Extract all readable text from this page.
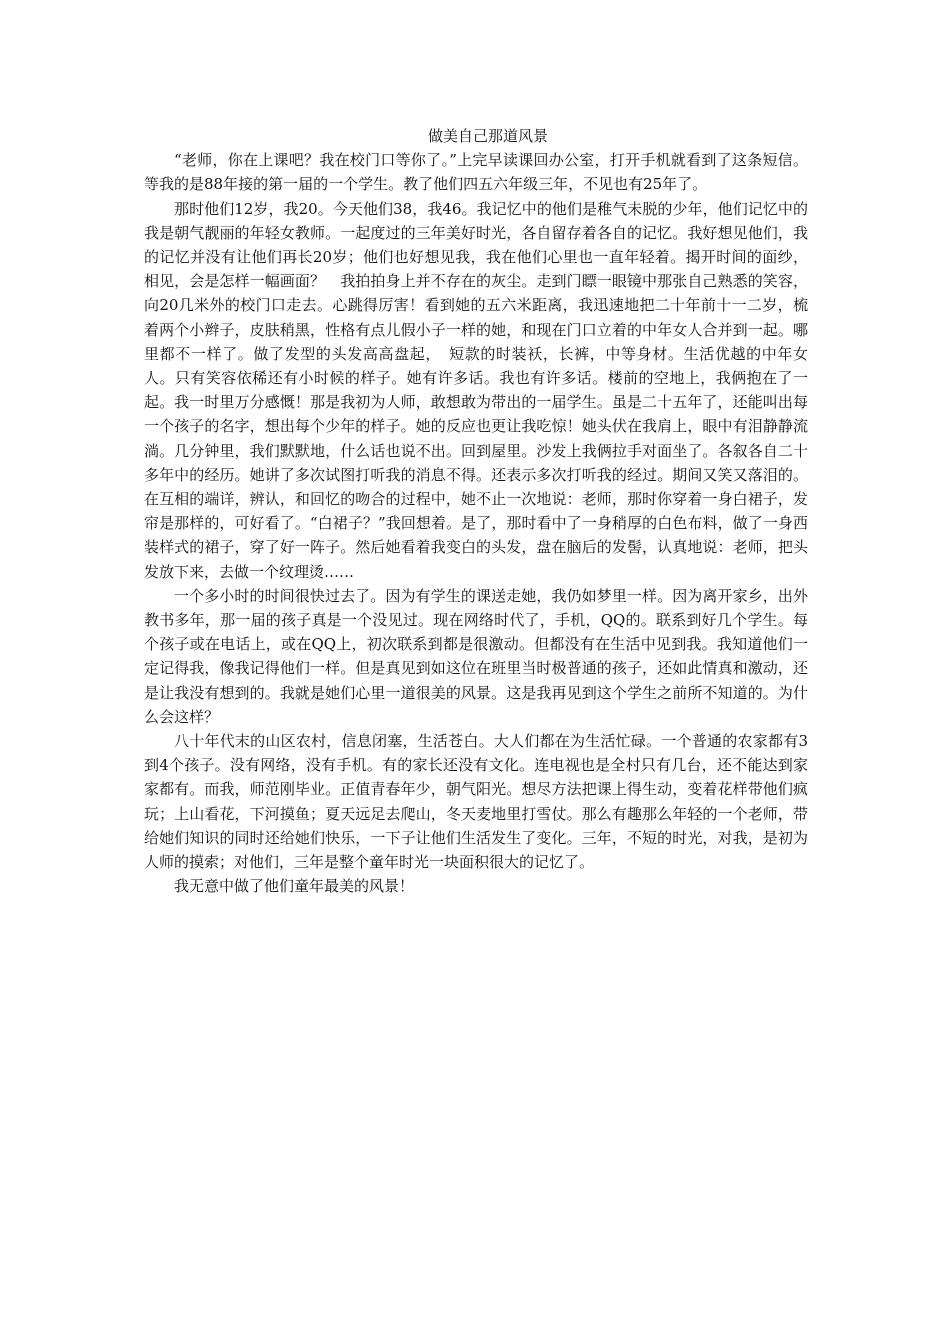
做美自己那道风景

“老师，你在上课吧？我在校门口等你了。”上完早读课回办公室，打开手机就看到了这条短信。等我的是88年接的第一届的一个学生。教了他们四五六年级三年，不见也有25年了。

那时他们12岁，我20。今天他们38，我46。我记忆中的他们是稚气未脱的少年，他们记忆中的我是朝气靓丽的年轻女教师。一起度过的三年美好时光，各自留存着各自的记忆。我好想见他们，我的记忆并没有让他们再长20岁；他们也好想见我，我在他们心里也一直年轻着。揭开时间的面纱，相见，会是怎样一幅画面？　我拍拍身上并不存在的灰尘。走到门瞟一眼镜中那张自己熟悉的笑容，向20几米外的校门口走去。心跳得厉害！看到她的五六米距离，我迅速地把二十年前十一二岁，梳着两个小辫子，皮肤稍黑，性格有点儿假小子一样的她，和现在门口立着的中年女人合并到一起。哪里都不一样了。做了发型的头发高高盘起，　短款的时装袄，长裤，中等身材。生活优越的中年女人。只有笑容依稀还有小时候的样子。她有许多话。我也有许多话。楼前的空地上，我俩抱在了一起。我一时里万分感慨！那是我初为人师，敢想敢为带出的一届学生。虽是二十五年了，还能叫出每一个孩子的名字，想出每个少年的样子。她的反应也更让我吃惊！她头伏在我肩上，眼中有泪静静流淌。几分钟里，我们默默地，什么话也说不出。回到屋里。沙发上我俩拉手对面坐了。各叙各自二十多年中的经历。她讲了多次试图打听我的消息不得。还表示多次打听我的经过。期间又笑又落泪的。在互相的端详，辨认，和回忆的吻合的过程中，她不止一次地说：老师，那时你穿着一身白裙子，发帘是那样的，可好看了。“白裙子？”我回想着。是了，那时看中了一身稍厚的白色布料，做了一身西装样式的裙子，穿了好一阵子。然后她看着我变白的头发，盘在脑后的发髻，认真地说：老师，把头发放下来，去做一个纹理烫……

一个多小时的时间很快过去了。因为有学生的课送走她，我仍如梦里一样。因为离开家乡，出外教书多年，那一届的孩子真是一个没见过。现在网络时代了，手机，QQ的。联系到好几个学生。每个孩子或在电话上，或在QQ上，初次联系到都是很激动。但都没有在生活中见到我。我知道他们一定记得我，像我记得他们一样。但是真见到如这位在班里当时极普通的孩子，还如此情真和激动，还是让我没有想到的。我就是她们心里一道很美的风景。这是我再见到这个学生之前所不知道的。为什么会这样？

八十年代末的山区农村，信息闭塞，生活苍白。大人们都在为生活忙碌。一个普通的农家都有3到4个孩子。没有网络，没有手机。有的家长还没有文化。连电视也是全村只有几台，还不能达到家家都有。而我，师范刚毕业。正值青春年少，朝气阳光。想尽方法把课上得生动，变着花样带他们疯玩；上山看花，下河摸鱼；夏天远足去爬山，冬天麦地里打雪仗。那么有趣那么年轻的一个老师，带给她们知识的同时还给她们快乐，一下子让他们生活发生了变化。三年，不短的时光，对我，是初为人师的摸索；对他们，三年是整个童年时光一块面积很大的记忆了。

我无意中做了他们童年最美的风景！
